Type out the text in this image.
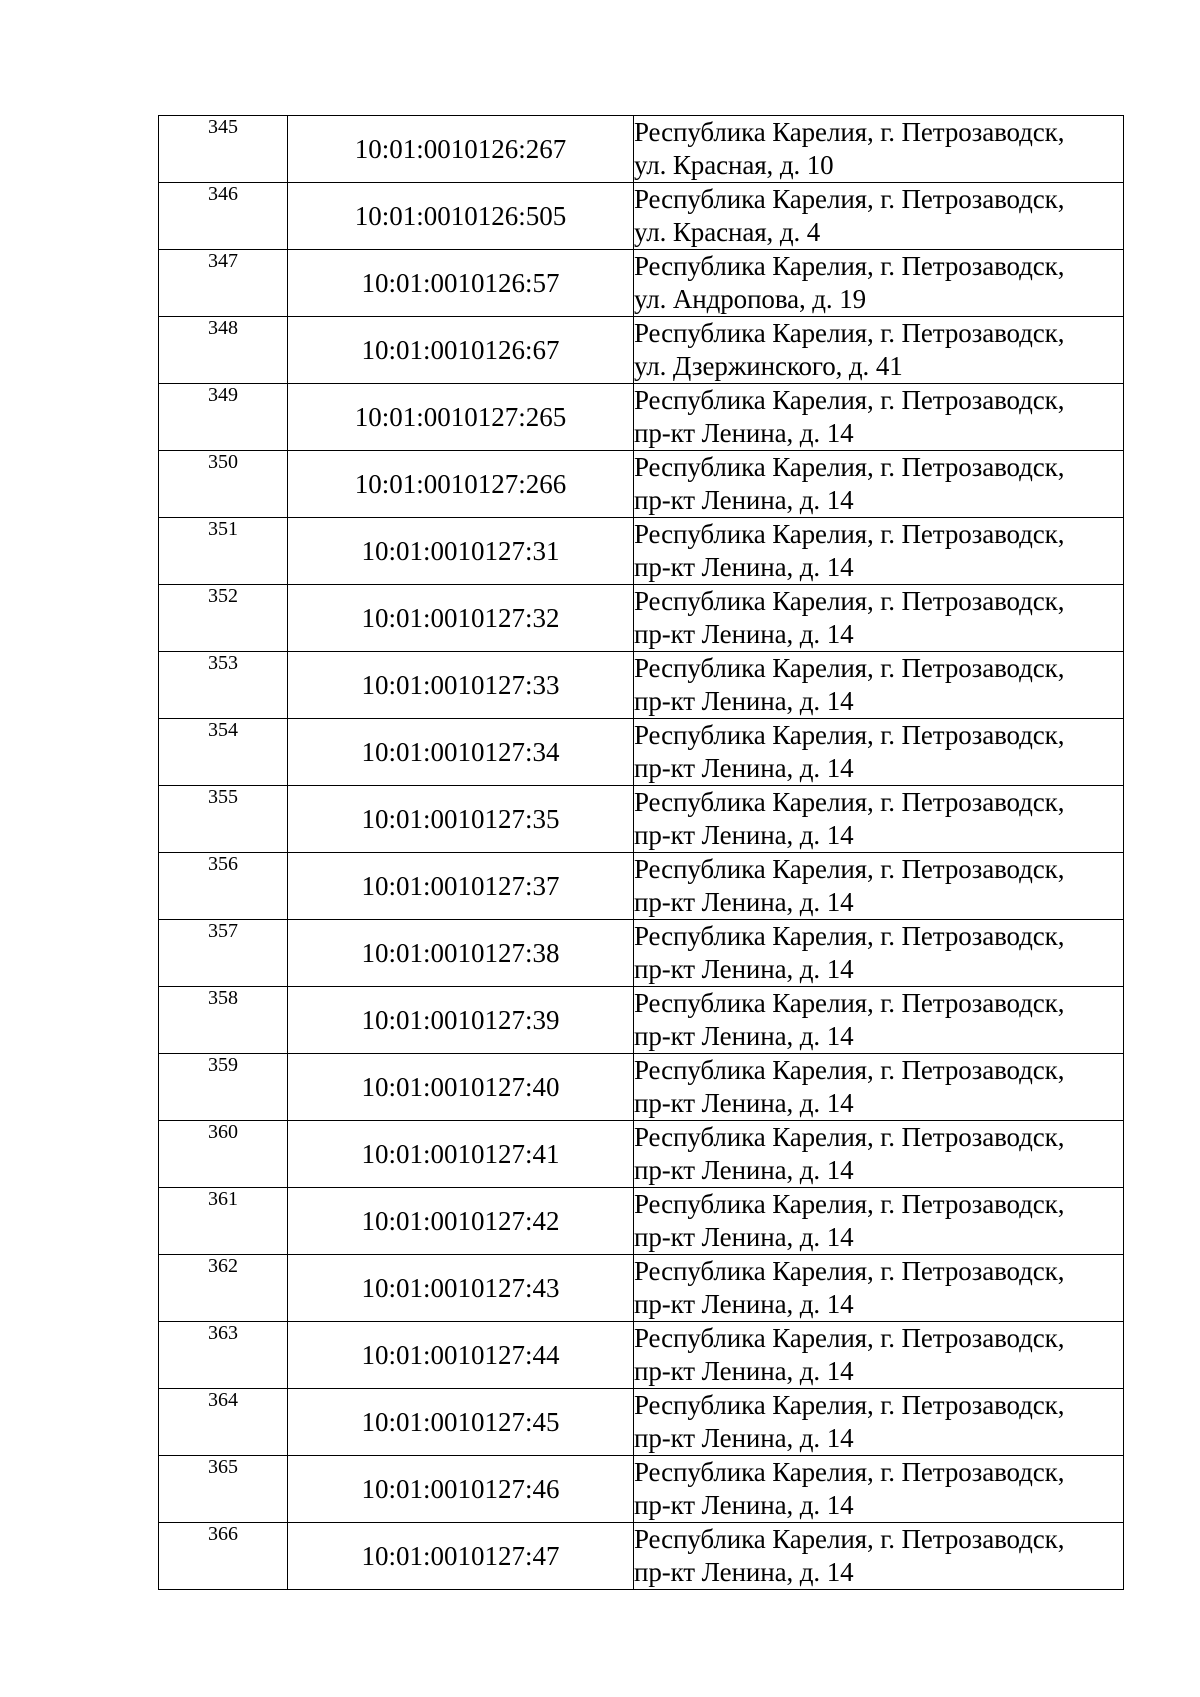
345	10:01:0010126:267	Республика Карелия, г. Петрозаводск,
ул. Красная, д. 10

346	10:01:0010126:505	Республика Карелия, г. Петрозаводск,
ул. Красная, д. 4

347	10:01:0010126:57	Республика Карелия, г. Петрозаводск,
ул. Андропова, д. 19

348	10:01:0010126:67	Республика Карелия, г. Петрозаводск,
ул. Дзержинского, д. 41

349	10:01:0010127:265	Республика Карелия, г. Петрозаводск,
пр-кт Ленина, д. 14

350	10:01:0010127:266	Республика Карелия, г. Петрозаводск,
пр-кт Ленина, д. 14

351	10:01:0010127:31	Республика Карелия, г. Петрозаводск,
пр-кт Ленина, д. 14

352	10:01:0010127:32	Республика Карелия, г. Петрозаводск,
пр-кт Ленина, д. 14

353	10:01:0010127:33	Республика Карелия, г. Петрозаводск,
пр-кт Ленина, д. 14

354	10:01:0010127:34	Республика Карелия, г. Петрозаводск,
пр-кт Ленина, д. 14

355	10:01:0010127:35	Республика Карелия, г. Петрозаводск,
пр-кт Ленина, д. 14

356	10:01:0010127:37	Республика Карелия, г. Петрозаводск,
пр-кт Ленина, д. 14

357	10:01:0010127:38	Республика Карелия, г. Петрозаводск,
пр-кт Ленина, д. 14

358	10:01:0010127:39	Республика Карелия, г. Петрозаводск,
пр-кт Ленина, д. 14

359	10:01:0010127:40	Республика Карелия, г. Петрозаводск,
пр-кт Ленина, д. 14

360	10:01:0010127:41	Республика Карелия, г. Петрозаводск,
пр-кт Ленина, д. 14

361	10:01:0010127:42	Республика Карелия, г. Петрозаводск,
пр-кт Ленина, д. 14

362	10:01:0010127:43	Республика Карелия, г. Петрозаводск,
пр-кт Ленина, д. 14

363	10:01:0010127:44	Республика Карелия, г. Петрозаводск,
пр-кт Ленина, д. 14

364	10:01:0010127:45	Республика Карелия, г. Петрозаводск,
пр-кт Ленина, д. 14

365	10:01:0010127:46	Республика Карелия, г. Петрозаводск,
пр-кт Ленина, д. 14

366	10:01:0010127:47	Республика Карелия, г. Петрозаводск,
пр-кт Ленина, д. 14
